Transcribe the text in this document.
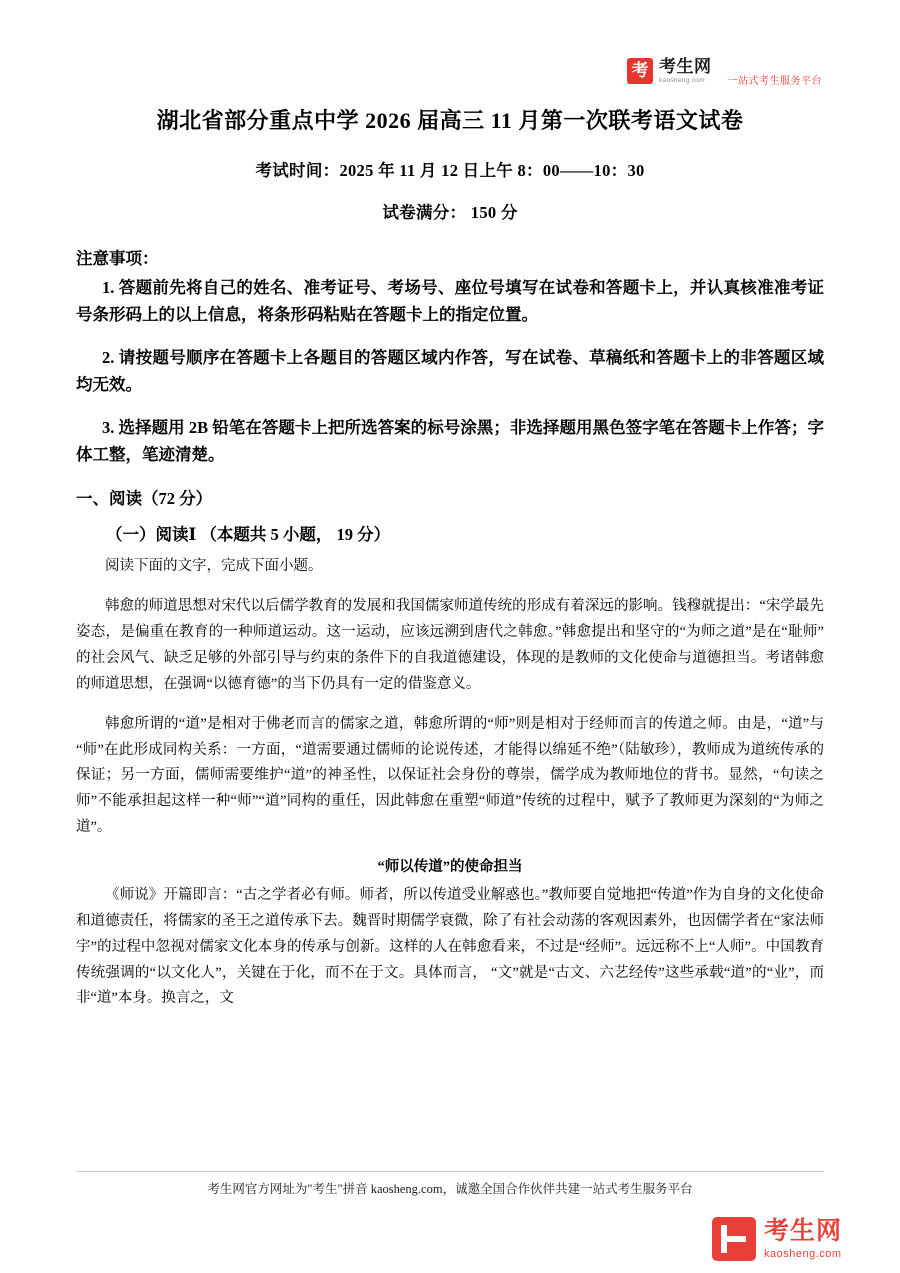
考 考生网
kaosheng.com	一站式考生服务平台
湖北省部分重点中学 2026 届高三 11 月第一次联考语文试卷
考试时间：2025 年 11 月 12 日上午 8：00——10：30
试卷满分： 150 分
注意事项：

1. 答题前先将自己的姓名、准考证号、考场号、座位号填写在试卷和答题卡上，并认真核准准考证号条形码上的以上信息，将条形码粘贴在答题卡上的指定位置。

2. 请按题号顺序在答题卡上各题目的答题区域内作答，写在试卷、草稿纸和答题卡上的非答题区域均无效。

3. 选择题用 2B 铅笔在答题卡上把所选答案的标号涂黑；非选择题用黑色签字笔在答题卡上作答；字体工整，笔迹清楚。

一、阅读（72 分）
（一）阅读Ⅰ （本题共 5 小题， 19 分）

阅读下面的文字，完成下面小题。

韩愈的师道思想对宋代以后儒学教育的发展和我国儒家师道传统的形成有着深远的影响。钱穆就提出：“宋学最先姿态，是偏重在教育的一种师道运动。这一运动，应该远溯到唐代之韩愈。”韩愈提出和坚守的“为师之道”是在“耻师”的社会风气、缺乏足够的外部引导与约束的条件下的自我道德建设，体现的是教师的文化使命与道德担当。考诸韩愈的师道思想，在强调“以德育德”的当下仍具有一定的借鉴意义。

韩愈所谓的“道”是相对于佛老而言的儒家之道，韩愈所谓的“师”则是相对于经师而言的传道之师。由是，“道”与“师”在此形成同构关系：一方面，“道需要通过儒师的论说传述，才能得以绵延不绝”（陆敏珍），教师成为道统传承的保证；另一方面，儒师需要维护“道”的神圣性，以保证社会身份的尊崇，儒学成为教师地位的背书。显然，“句读之师”不能承担起这样一种“师”“道”同构的重任，因此韩愈在重塑“师道”传统的过程中，赋予了教师更为深刻的“为师之道”。

“师以传道”的使命担当

《师说》开篇即言：“古之学者必有师。师者，所以传道受业解惑也。”教师要自觉地把“传道”作为自身的文化使命和道德责任，将儒家的圣王之道传承下去。魏晋时期儒学衰微，除了有社会动荡的客观因素外，也因儒学者在“家法师宇”的过程中忽视对儒家文化本身的传承与创新。这样的人在韩愈看来，不过是“经师”。远远称不上“人师”。中国教育传统强调的“以文化人”，关键在于化，而不在于文。具体而言， “文”就是“古文、六艺经传”这些承载“道”的“业”，而非“道”本身。换言之，文

考生网官方网址为"考生"拼音 kaosheng.com，诚邀全国合作伙伴共建一站式考生服务平台
考生网
kaosheng.com
